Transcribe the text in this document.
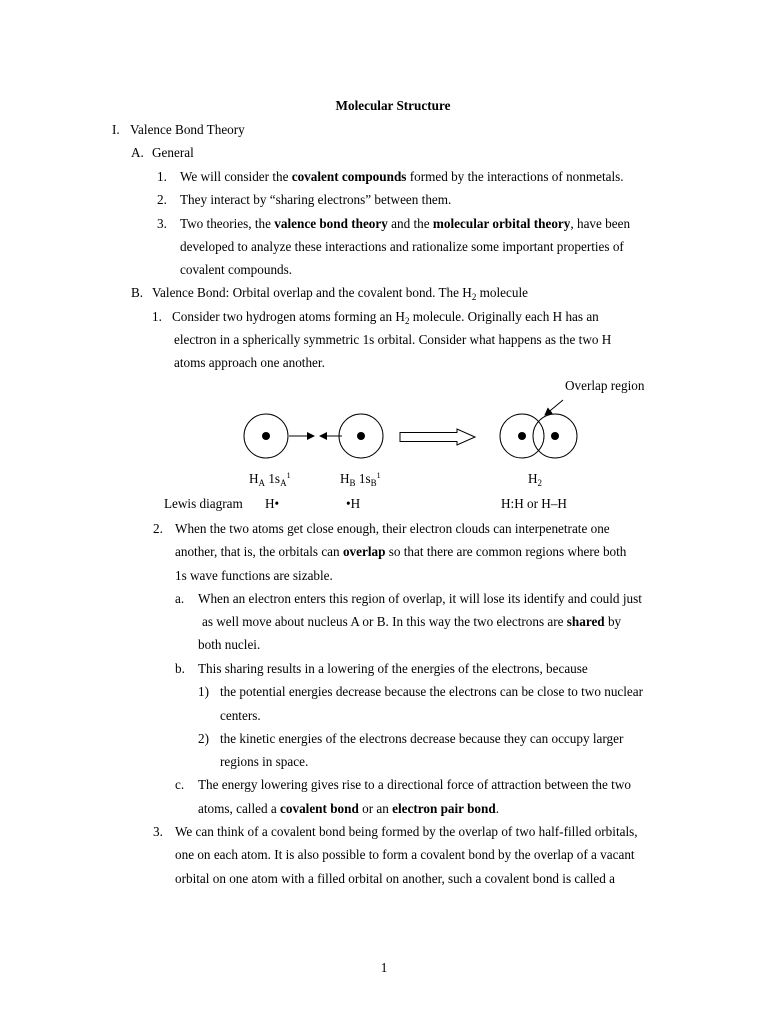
Molecular Structure
I. Valence Bond Theory
A. General
1. We will consider the covalent compounds formed by the interactions of nonmetals.
2. They interact by “sharing electrons” between them.
3. Two theories, the valence bond theory and the molecular orbital theory, have been
developed to analyze these interactions and rationalize some important properties of
covalent compounds.
B. Valence Bond: Orbital overlap and the covalent bond. The $H_2$ molecule
1. Consider two hydrogen atoms forming an $H_2$ molecule. Originally each H has an
electron in a spherically symmetric 1s orbital. Consider what happens as the two H
atoms approach one another.
Overlap region
$H_A$ $1s_A^1$	$H_B$ $1s_B^1$	$H_2$
Lewis diagram H•	•H	H:H or H–H
2. When the two atoms get close enough, their electron clouds can interpenetrate one
another, that is, the orbitals can overlap so that there are common regions where both
1s wave functions are sizable.
a. When an electron enters this region of overlap, it will lose its identify and could just
as well move about nucleus A or B. In this way the two electrons are shared by
both nuclei.
b. This sharing results in a lowering of the energies of the electrons, because
1) the potential energies decrease because the electrons can be close to two nuclear
centers.
2) the kinetic energies of the electrons decrease because they can occupy larger
regions in space.
c. The energy lowering gives rise to a directional force of attraction between the two
atoms, called a covalent bond or an electron pair bond.
3. We can think of a covalent bond being formed by the overlap of two half-filled orbitals,
one on each atom. It is also possible to form a covalent bond by the overlap of a vacant
orbital on one atom with a filled orbital on another, such a covalent bond is called a
1
